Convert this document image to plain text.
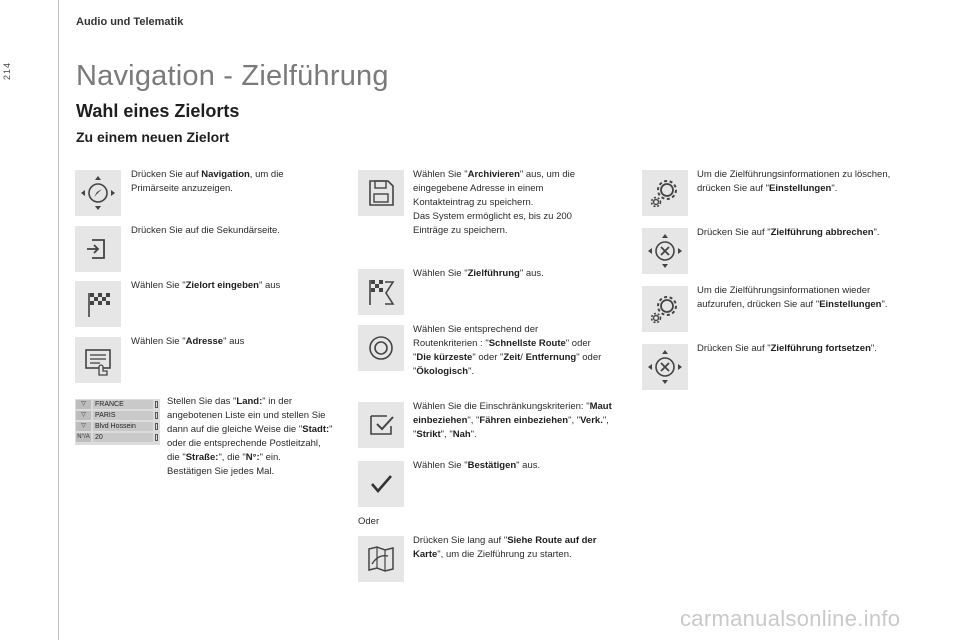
214
Audio und Telematik
Navigation - Zielführung
Wahl eines Zielorts
Zu einem neuen Zielort
Drücken Sie auf Navigation, um die Primärseite anzuzeigen.
Drücken Sie auf die Sekundärseite.
Wählen Sie "Zielort eingeben" aus
Wählen Sie "Adresse" aus
▽	FRANCE
▽	PARIS
▽	Blvd Hossein
N°/A 20
Stellen Sie das "Land:" in der angebotenen Liste ein und stellen Sie dann auf die gleiche Weise die "Stadt:" oder die entsprechende Postleitzahl, die "Straße:", die "N°:" ein.
Bestätigen Sie jedes Mal.
Wählen Sie "Archivieren" aus, um die eingegebene Adresse in einem Kontakteintrag zu speichern.
Das System ermöglicht es, bis zu 200 Einträge zu speichern.
Wählen Sie "Zielführung" aus.
Wählen Sie entsprechend der Routenkriterien : "Schnellste Route" oder "Die kürzeste" oder "Zeit/ Entfernung" oder "Ökologisch".
Wählen Sie die Einschränkungskriterien: "Maut einbeziehen", "Fähren einbeziehen", "Verk.", "Strikt", "Nah".
Wählen Sie "Bestätigen" aus.
Oder
Drücken Sie lang auf "Siehe Route auf der Karte", um die Zielführung zu starten.
Um die Zielführungsinformationen zu löschen, drücken Sie auf "Einstellungen".
Drücken Sie auf "Zielführung abbrechen".
Um die Zielführungsinformationen wieder aufzurufen, drücken Sie auf "Einstellungen".
Drücken Sie auf "Zielführung fortsetzen".
carmanualsonline.info
